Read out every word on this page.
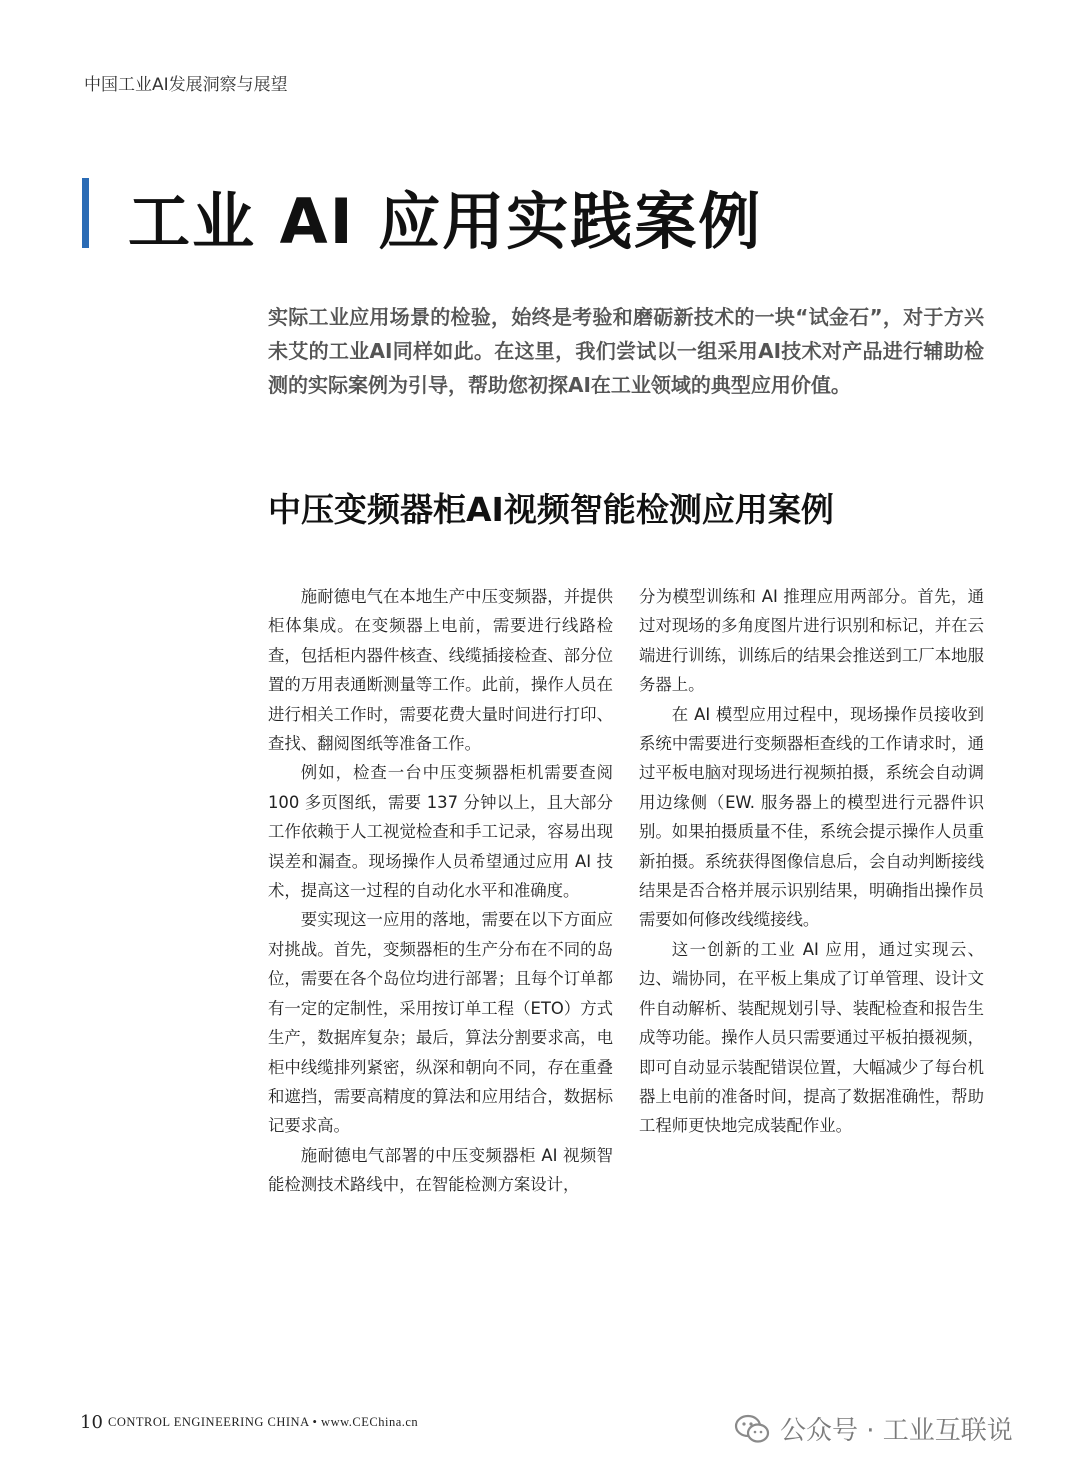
中国工业AI发展洞察与展望
工业 AI 应用实践案例
实际工业应用场景的检验，始终是考验和磨砺新技术的一块“试金石”，对于方兴未艾的工业AI同样如此。在这里，我们尝试以一组采用AI技术对产品进行辅助检测的实际案例为引导，帮助您初探AI在工业领域的典型应用价值。
中压变频器柜AI视频智能检测应用案例

施耐德电气在本地生产中压变频器，并提供柜体集成。在变频器上电前，需要进行线路检查，包括柜内器件核查、线缆插接检查、部分位置的万用表通断测量等工作。此前，操作人员在进行相关工作时，需要花费大量时间进行打印、查找、翻阅图纸等准备工作。

例如，检查一台中压变频器柜机需要查阅 100 多页图纸，需要 137 分钟以上，且大部分工作依赖于人工视觉检查和手工记录，容易出现误差和漏查。现场操作人员希望通过应用 AI 技术，提高这一过程的自动化水平和准确度。

要实现这一应用的落地，需要在以下方面应对挑战。首先，变频器柜的生产分布在不同的岛位，需要在各个岛位均进行部署；且每个订单都有一定的定制性，采用按订单工程（ETO）方式生产，数据库复杂；最后，算法分割要求高，电柜中线缆排列紧密，纵深和朝向不同，存在重叠和遮挡，需要高精度的算法和应用结合，数据标记要求高。

施耐德电气部署的中压变频器柜 AI 视频智能检测技术路线中，在智能检测方案设计，

分为模型训练和 AI 推理应用两部分。首先，通过对现场的多角度图片进行识别和标记，并在云端进行训练，训练后的结果会推送到工厂本地服务器上。

在 AI 模型应用过程中，现场操作员接收到系统中需要进行变频器柜查线的工作请求时，通过平板电脑对现场进行视频拍摄，系统会自动调用边缘侧（EW. 服务器上的模型进行元器件识别。如果拍摄质量不佳，系统会提示操作人员重新拍摄。系统获得图像信息后，会自动判断接线结果是否合格并展示识别结果，明确指出操作员需要如何修改线缆接线。

这一创新的工业 AI 应用，通过实现云、边、端协同，在平板上集成了订单管理、设计文件自动解析、装配规划引导、装配检查和报告生成等功能。操作人员只需要通过平板拍摄视频，即可自动显示装配错误位置，大幅减少了每台机器上电前的准备时间，提高了数据准确性，帮助工程师更快地完成装配作业。

10 CONTROL ENGINEERING CHINA • www.CEChina.cn	公众号 · 工业互联说
